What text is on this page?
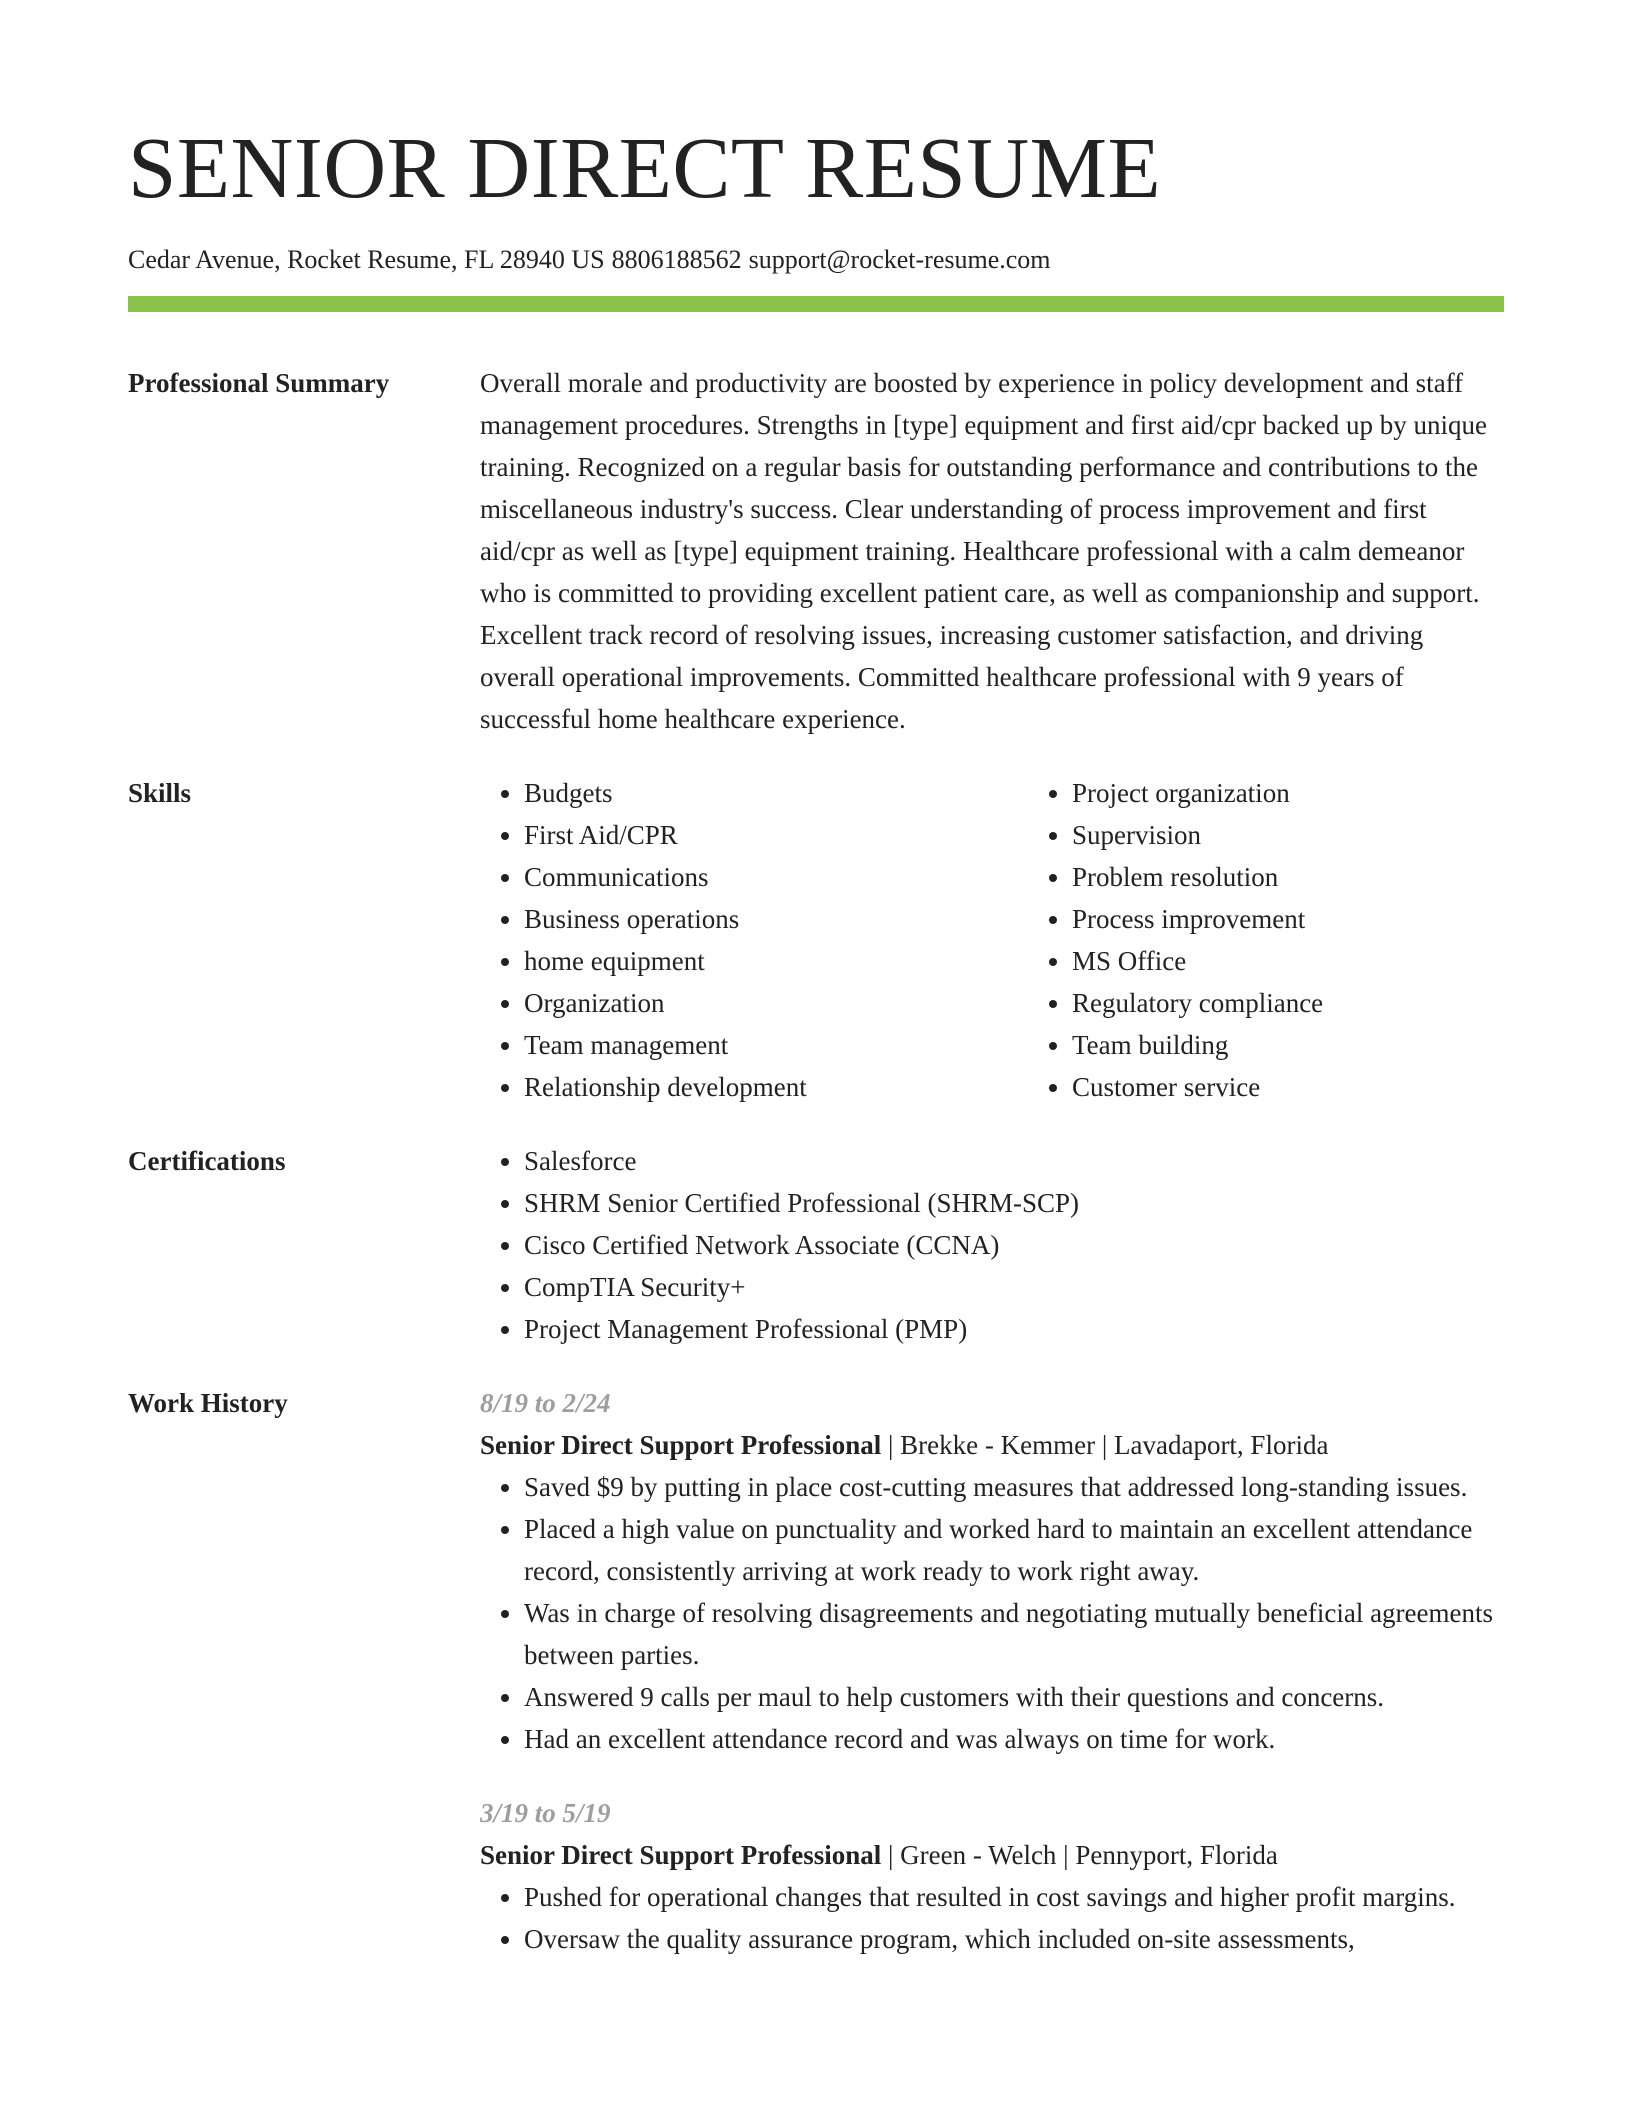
SENIOR DIRECT RESUME
Cedar Avenue, Rocket Resume, FL 28940 US 8806188562 support@rocket-resume.com
Professional Summary	Overall morale and productivity are boosted by experience in policy development and staff management procedures. Strengths in [type] equipment and first aid/cpr backed up by unique training. Recognized on a regular basis for outstanding performance and contributions to the miscellaneous industry's success. Clear understanding of process improvement and first aid/cpr as well as [type] equipment training. Healthcare professional with a calm demeanor who is committed to providing excellent patient care, as well as companionship and support. Excellent track record of resolving issues, increasing customer satisfaction, and driving overall operational improvements. Committed healthcare professional with 9 years of successful home healthcare experience.
Skills	• Budgets
• First Aid/CPR
• Communications
• Business operations
• home equipment
• Organization
• Team management
• Relationship development
• Project organization
• Supervision
• Problem resolution
• Process improvement
• MS Office
• Regulatory compliance
• Team building
• Customer service
Certifications	• Salesforce
• SHRM Senior Certified Professional (SHRM-SCP)
• Cisco Certified Network Associate (CCNA)
• CompTIA Security+
• Project Management Professional (PMP)
Work History	8/19 to 2/24
Senior Direct Support Professional | Brekke - Kemmer | Lavadaport, Florida
• Saved $9 by putting in place cost-cutting measures that addressed long-standing issues.
• Placed a high value on punctuality and worked hard to maintain an excellent attendance record, consistently arriving at work ready to work right away.
• Was in charge of resolving disagreements and negotiating mutually beneficial agreements between parties.
• Answered 9 calls per maul to help customers with their questions and concerns.
• Had an excellent attendance record and was always on time for work.
3/19 to 5/19
Senior Direct Support Professional | Green - Welch | Pennyport, Florida
• Pushed for operational changes that resulted in cost savings and higher profit margins.
• Oversaw the quality assurance program, which included on-site assessments,
